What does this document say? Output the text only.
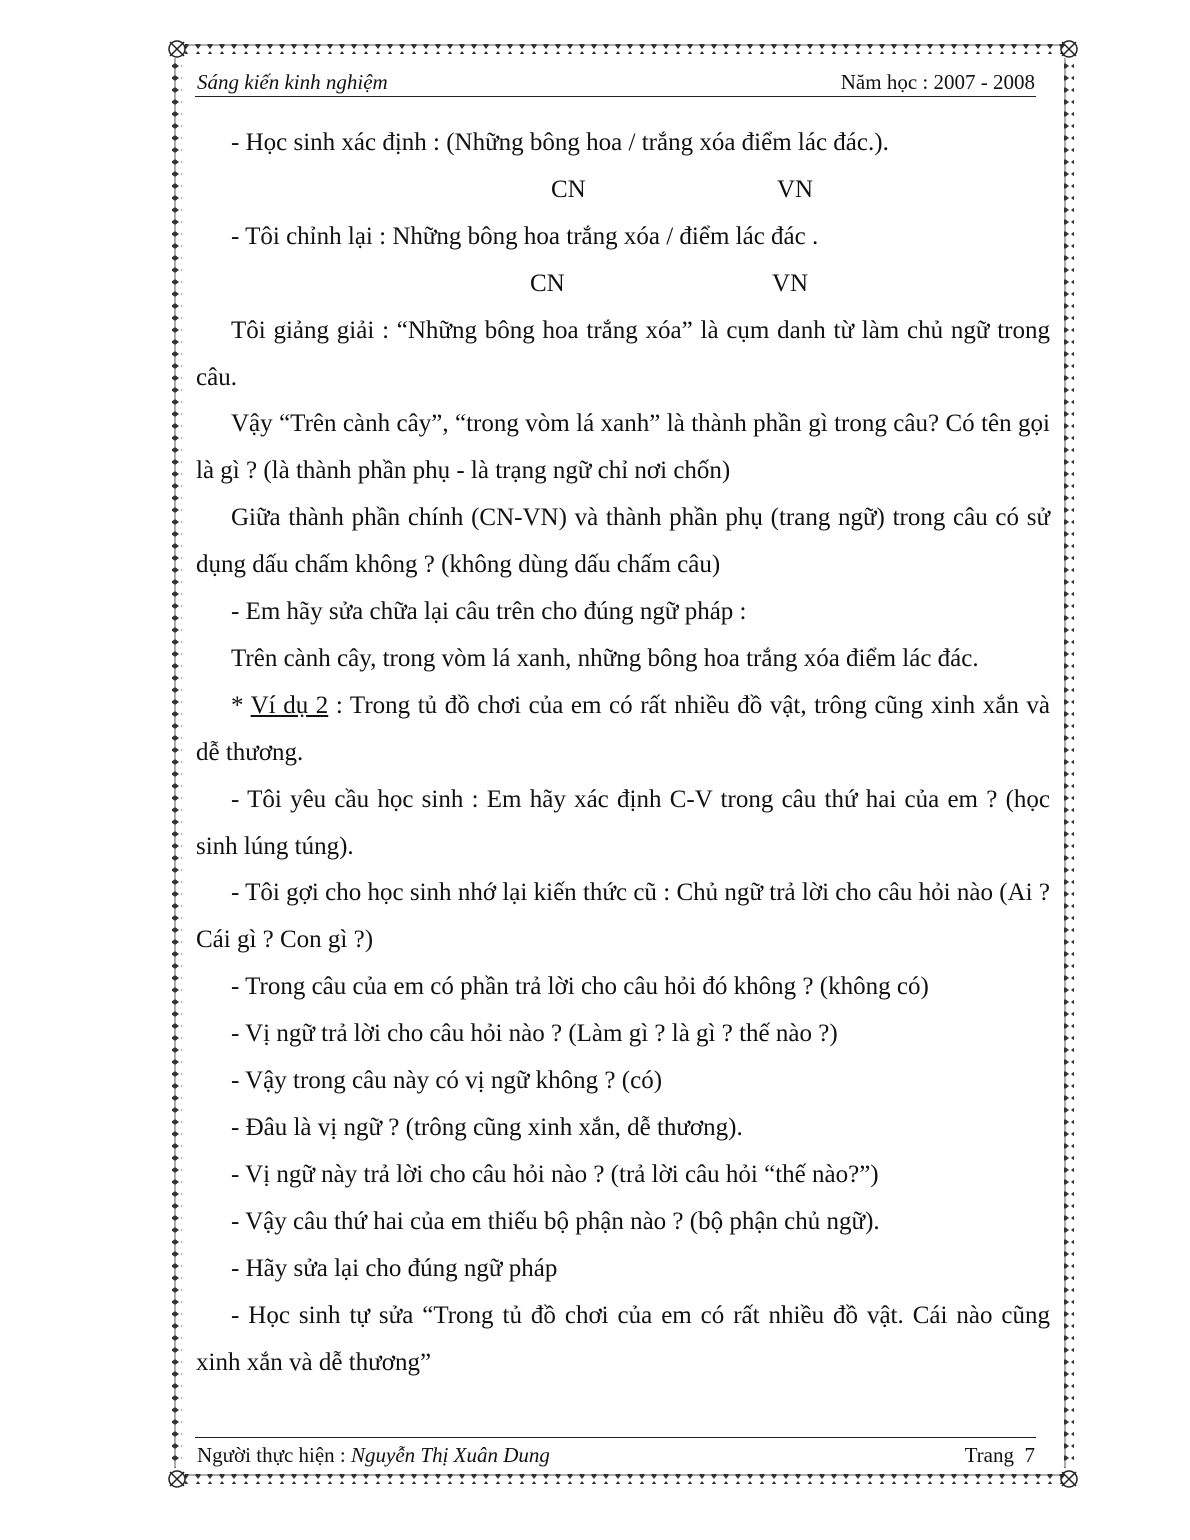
Sáng kiến kinh nghiệm	Năm học : 2007 - 2008

- Học sinh xác định : (Những bông hoa / trắng xóa điểm lác đác.).

CN	VN

- Tôi chỉnh lại : Những bông hoa trắng xóa / điểm lác đác .

CN	VN

Tôi giảng giải : “Những bông hoa trắng xóa” là cụm danh từ làm chủ ngữ trong câu.

Vậy “Trên cành cây”, “trong vòm lá xanh” là thành phần gì trong câu? Có tên gọi là gì ? (là thành phần phụ - là trạng ngữ chỉ nơi chốn)

Giữa thành phần chính (CN-VN) và thành phần phụ (trang ngữ) trong câu có sử dụng dấu chấm không ? (không dùng dấu chấm câu)

- Em hãy sửa chữa lại câu trên cho đúng ngữ pháp :

Trên cành cây, trong vòm lá xanh, những bông hoa trắng xóa điểm lác đác.

* Ví dụ 2 : Trong tủ đồ chơi của em có rất nhiều đồ vật, trông cũng xinh xắn và dễ thương.

- Tôi yêu cầu học sinh : Em hãy xác định C-V trong câu thứ hai của em ? (học sinh lúng túng).

- Tôi gợi cho học sinh nhớ lại kiến thức cũ : Chủ ngữ trả lời cho câu hỏi nào (Ai ? Cái gì ? Con gì ?)

- Trong câu của em có phần trả lời cho câu hỏi đó không ? (không có)

- Vị ngữ trả lời cho câu hỏi nào ? (Làm gì ? là gì ? thế nào ?)

- Vậy trong câu này có vị ngữ không ? (có)

- Đâu là vị ngữ ? (trông cũng xinh xắn, dễ thương).

- Vị ngữ này trả lời cho câu hỏi nào ? (trả lời câu hỏi “thế nào?”)

- Vậy câu thứ hai của em thiếu bộ phận nào ? (bộ phận chủ ngữ).

- Hãy sửa lại cho đúng ngữ pháp

- Học sinh tự sửa “Trong tủ đồ chơi của em có rất nhiều đồ vật. Cái nào cũng xinh xắn và dễ thương”

Người thực hiện : Nguyễn Thị Xuân Dung	Trang  7
